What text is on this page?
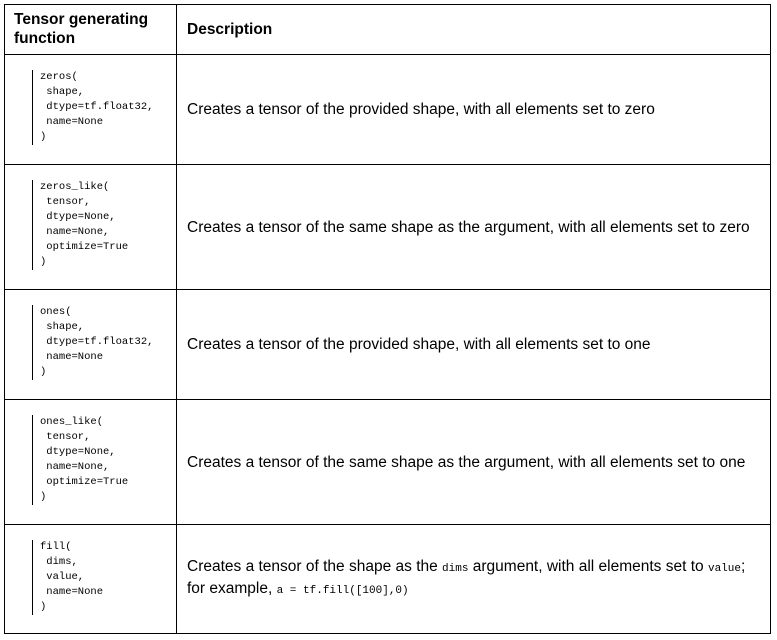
Tensor generating function
Description
zeros(
shape,
dtype=tf.float32,
name=None
)
Creates a tensor of the provided shape, with all elements set to zero
zeros_like(
tensor,
dtype=None,
name=None,
optimize=True
)
Creates a tensor of the same shape as the argument, with all elements set to zero
ones(
shape,
dtype=tf.float32,
name=None
)
Creates a tensor of the provided shape, with all elements set to one
ones_like(
tensor,
dtype=None,
name=None,
optimize=True
)
Creates a tensor of the same shape as the argument, with all elements set to one
fill(
dims,
value,
name=None
)
Creates a tensor of the shape as the dims argument, with all elements set to value;
for example, a = tf.fill([100],0)
